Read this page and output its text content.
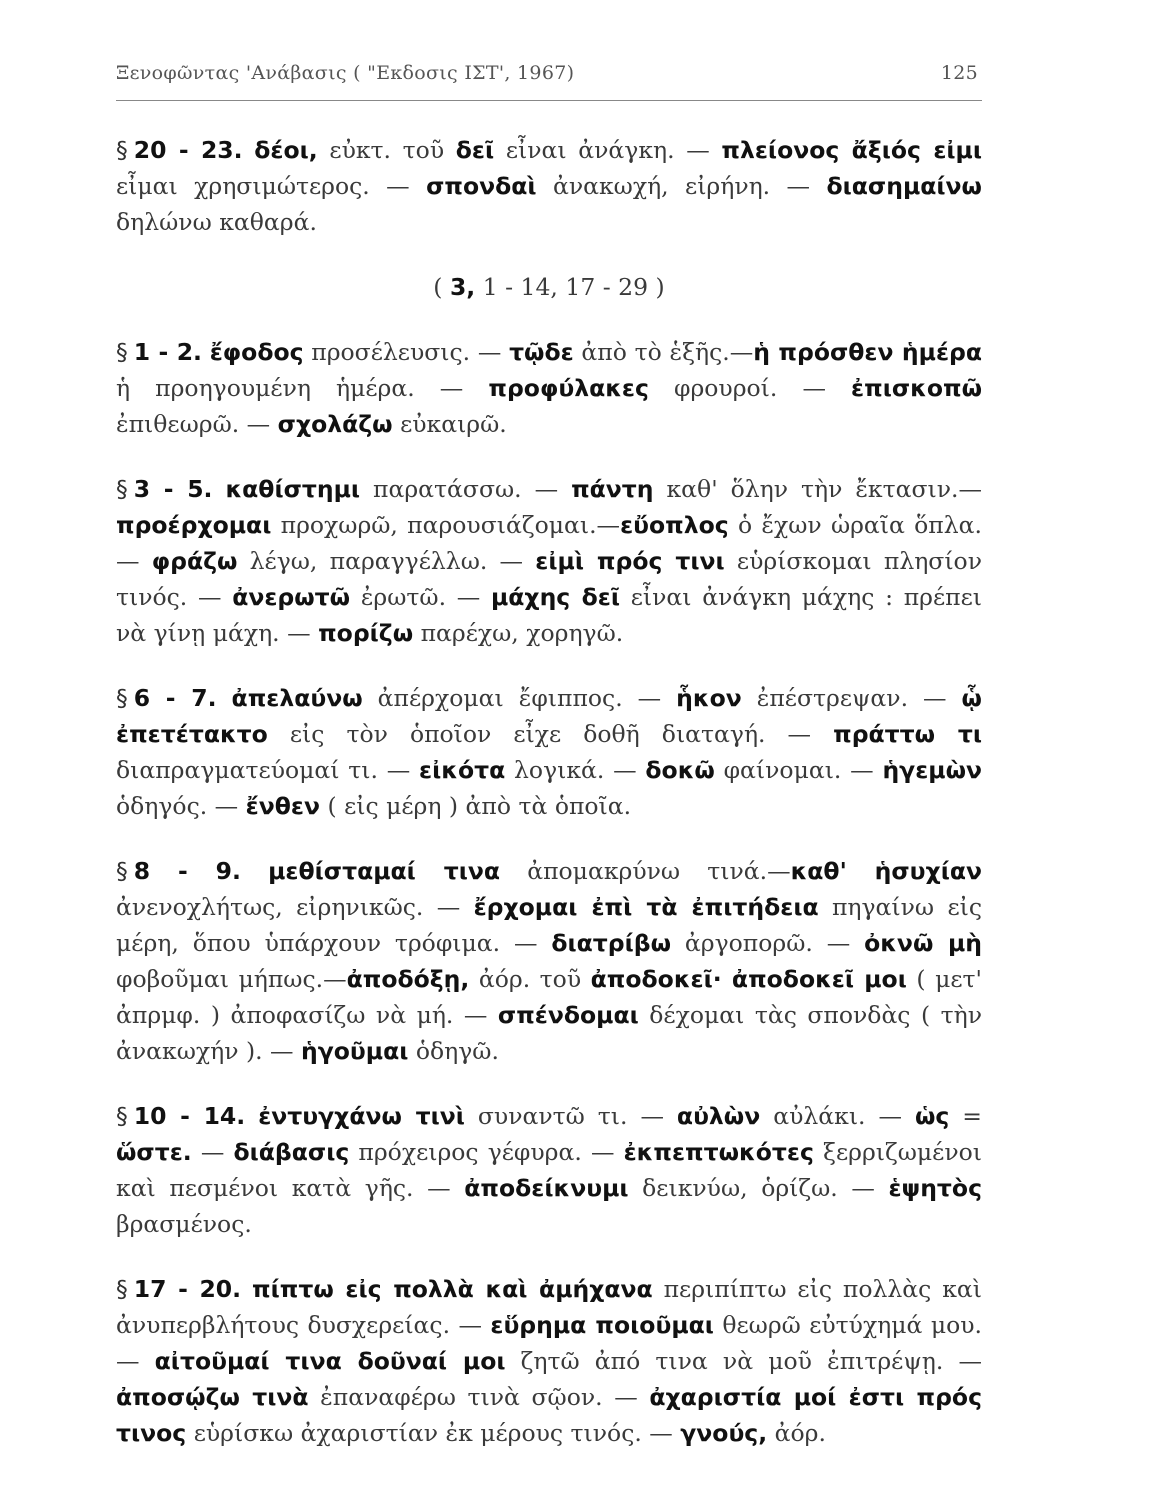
Ξενοφῶντας 'Ανάβασις ( "Εκδοσις ΙΣΤ', 1967)	125

§ 20 - 23. δέοι, εὐκτ. τοῦ δεῖ εἶναι ἀνάγκη. — πλείονος ἄξιός εἰμι εἶμαι χρησιμώτερος. — σπονδαὶ ἀνακωχή, εἰρήνη. — διασημαίνω δηλώνω καθαρά.

( 3, 1 - 14, 17 - 29 )

§ 1 - 2. ἔφοδος προσέλευσις. — τῷδε ἀπὸ τὸ ἑξῆς.—ἡ πρόσθεν ἡμέρα ἡ προηγουμένη ἡμέρα. — προφύλακες φρουροί. — ἐπισκοπῶ ἐπιθεωρῶ. — σχολάζω εὐκαιρῶ.

§ 3 - 5. καθίστημι παρατάσσω. — πάντη καθ' ὅλην τὴν ἔκτασιν.— προέρχομαι προχωρῶ, παρουσιάζομαι.—εὔοπλος ὁ ἔχων ὡραῖα ὅπλα. — φράζω λέγω, παραγγέλλω. — εἰμὶ πρός τινι εὑρίσκομαι πλησίον τινός. — ἀνερωτῶ ἐρωτῶ. — μάχης δεῖ εἶναι ἀνάγκη μάχης : πρέπει νὰ γίνῃ μάχη. — πορίζω παρέχω, χορηγῶ.

§ 6 - 7. ἀπελαύνω ἀπέρχομαι ἔφιππος. — ἧκον ἐπέστρεψαν. — ᾧ ἐπετέτακτο εἰς τὸν ὁποῖον εἶχε δοθῆ διαταγή. — πράττω τι διαπραγματεύομαί τι. — εἰκότα λογικά. — δοκῶ φαίνομαι. — ἡγεμὼν ὁδηγός. — ἔνθεν ( εἰς μέρη ) ἀπὸ τὰ ὁποῖα.

§ 8 - 9. μεθίσταμαί τινα ἀπομακρύνω τινά.—καθ' ἡσυχίαν ἀνενοχλήτως, εἰρηνικῶς. — ἔρχομαι ἐπὶ τὰ ἐπιτήδεια πηγαίνω εἰς μέρη, ὅπου ὑπάρχουν τρόφιμα. — διατρίβω ἀργοπορῶ. — ὀκνῶ μὴ φοβοῦμαι μήπως.—ἀποδόξῃ, ἀόρ. τοῦ ἀποδοκεῖ· ἀποδοκεῖ μοι ( μετ' ἀπρμφ. ) ἀποφασίζω νὰ μή. — σπένδομαι δέχομαι τὰς σπονδὰς ( τὴν ἀνακωχήν ). — ἡγοῦμαι ὁδηγῶ.

§ 10 - 14. ἐντυγχάνω τινὶ συναντῶ τι. — αὐλὼν αὐλάκι. — ὡς = ὥστε. — διάβασις πρόχειρος γέφυρα. — ἐκπεπτωκότες ξερριζωμένοι καὶ πεσμένοι κατὰ γῆς. — ἀποδείκνυμι δεικνύω, ὁρίζω. — ἑψητὸς βρασμένος.

§ 17 - 20. πίπτω εἰς πολλὰ καὶ ἀμήχανα περιπίπτω εἰς πολλὰς καὶ ἀνυπερβλήτους δυσχερείας. — εὕρημα ποιοῦμαι θεωρῶ εὐτύχημά μου. — αἰτοῦμαί τινα δοῦναί μοι ζητῶ ἀπό τινα νὰ μοῦ ἐπιτρέψῃ. — ἀποσῴζω τινὰ ἐπαναφέρω τινὰ σῷον. — ἀχαριστία μοί ἐστι πρός τινος εὑρίσκω ἀχαριστίαν ἐκ μέρους τινός. — γνούς, ἀόρ.
